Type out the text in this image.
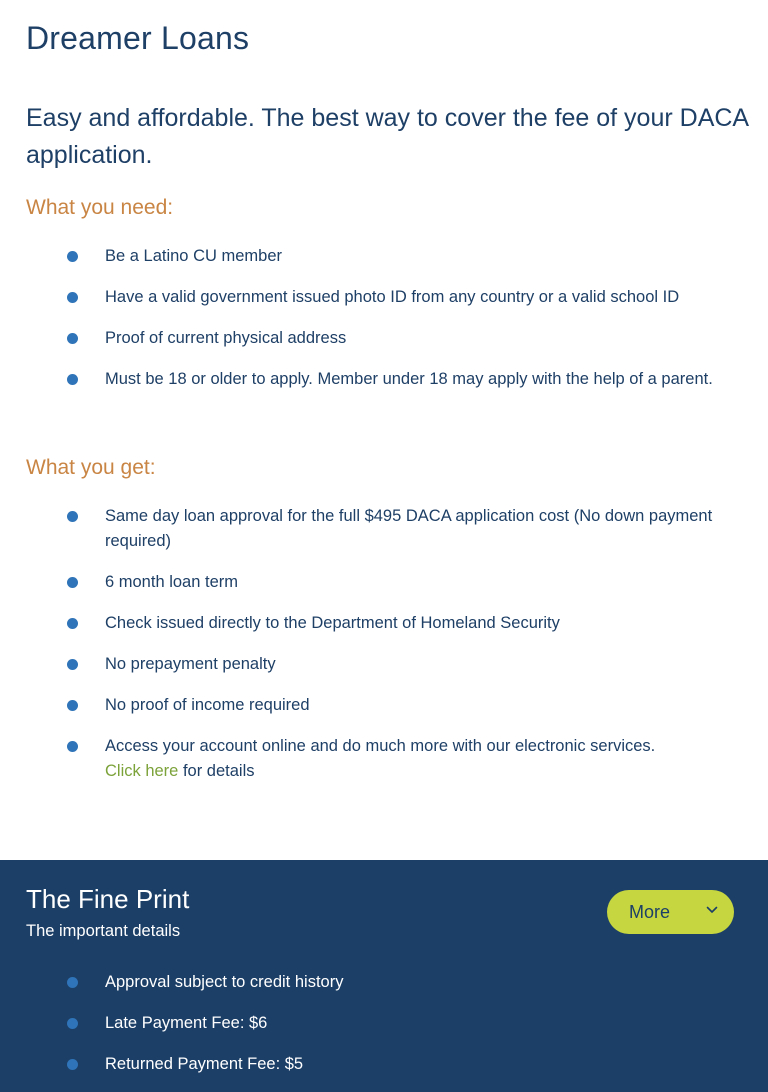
Dreamer Loans

Easy and affordable. The best way to cover the fee of your DACA application.

What you need:
Be a Latino CU member
Have a valid government issued photo ID from any country or a valid school ID
Proof of current physical address
Must be 18 or older to apply. Member under 18 may apply with the help of a parent.
What you get:
Same day loan approval for the full $495 DACA application cost (No down payment required)
6 month loan term
Check issued directly to the Department of Homeland Security
No prepayment penalty
No proof of income required
Access your account online and do much more with our electronic services.
Click here for details
The Fine Print

The important details

More
Approval subject to credit history
Late Payment Fee: $6
Returned Payment Fee: $5
